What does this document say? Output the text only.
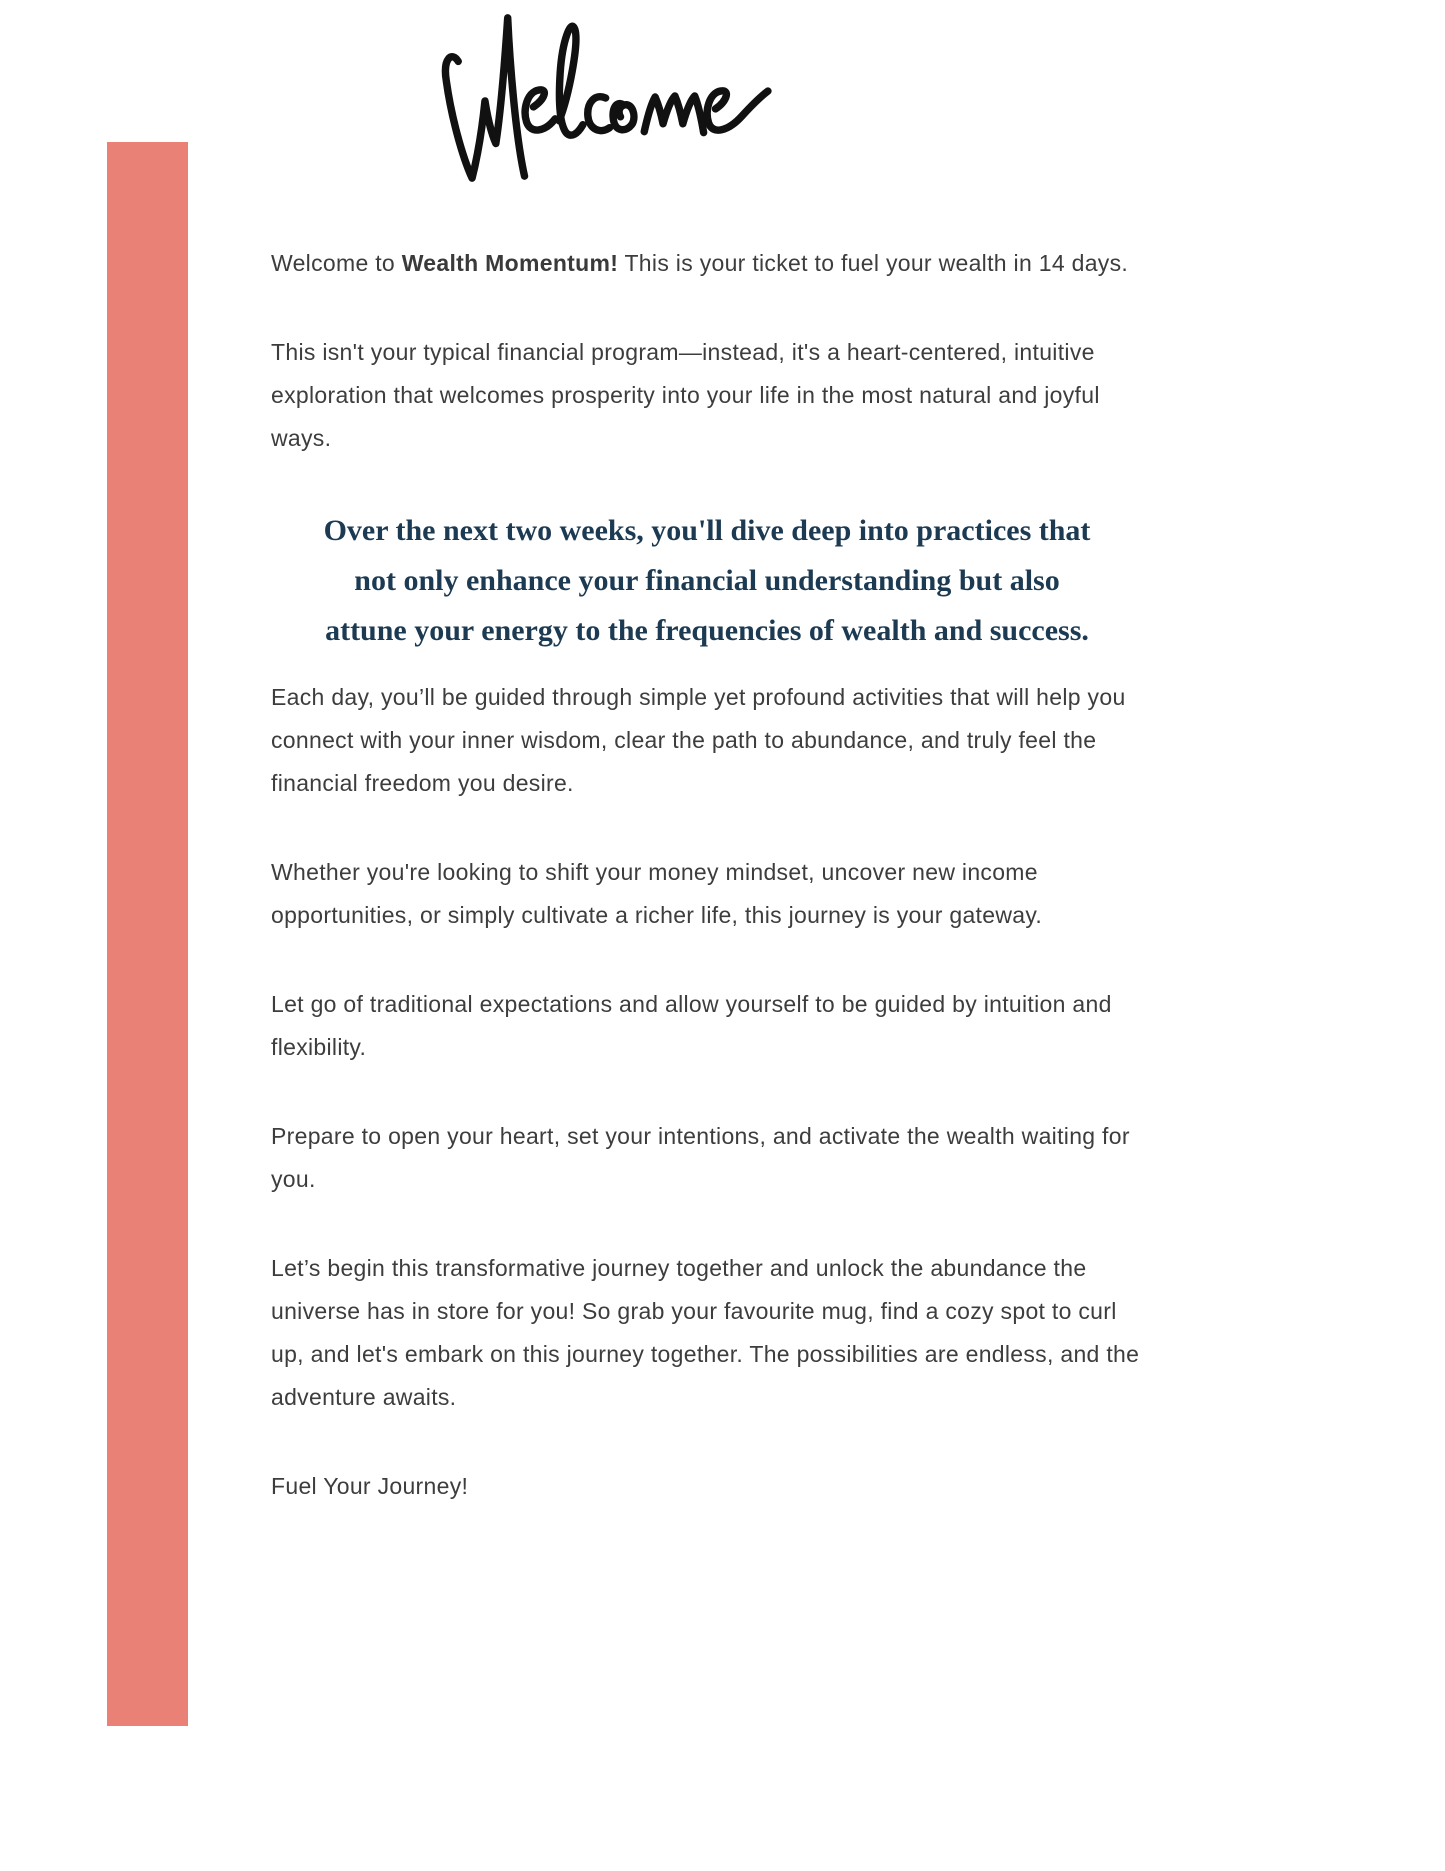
Welcome to Wealth Momentum! This is your ticket to fuel your wealth in 14 days.

This isn't your typical financial program—instead, it's a heart-centered, intuitive exploration that welcomes prosperity into your life in the most natural and joyful ways.

Over the next two weeks, you'll dive deep into practices that
not only enhance your financial understanding but also
attune your energy to the frequencies of wealth and success.

Each day, you’ll be guided through simple yet profound activities that will help you connect with your inner wisdom, clear the path to abundance, and truly feel the financial freedom you desire.

Whether you're looking to shift your money mindset, uncover new income opportunities, or simply cultivate a richer life, this journey is your gateway.

Let go of traditional expectations and allow yourself to be guided by intuition and flexibility.

Prepare to open your heart, set your intentions, and activate the wealth waiting for you.

Let’s begin this transformative journey together and unlock the abundance the universe has in store for you! So grab your favourite mug, find a cozy spot to curl up, and let's embark on this journey together. The possibilities are endless, and the adventure awaits.

Fuel Your Journey!
